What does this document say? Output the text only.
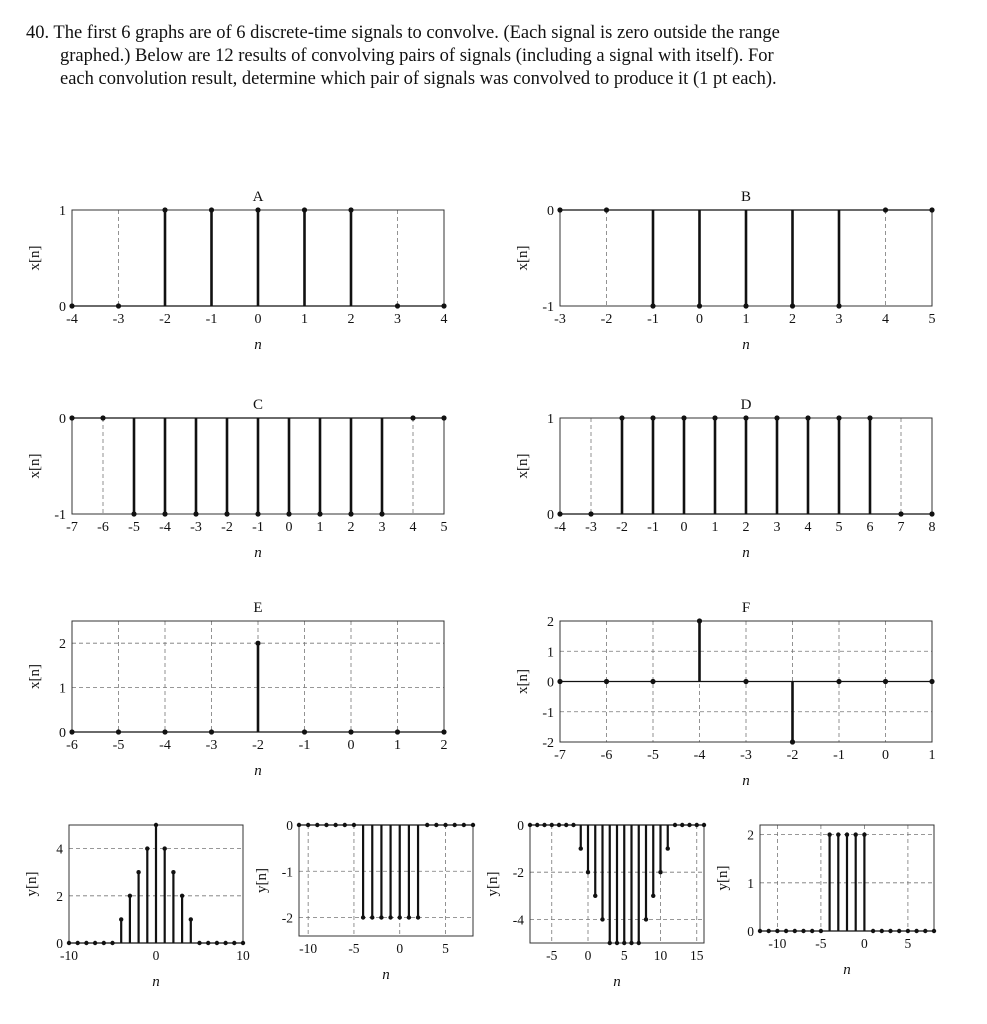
40. The first 6 graphs are of 6 discrete-time signals to convolve. (Each signal is zero outside the range graphed.) Below are 12 results of convolving pairs of signals (including a signal with itself). For each convolution result, determine which pair of signals was convolved to produce it (1 pt each).

-4 -3 -2 -1	0	1	2	3	4
0
1
A
n
x[n]
-3 -2 -1	0	1	2	3	4	5
-1
0
B
n
x[n]
-7 -6 -5 -4 -3 -2 -1 0 1 2 3 4 5
-1
0
C
n
x[n]
-4 -3 -2 -1 0 1 2 3 4 5 6 7 8
0
1
D
n
x[n]
-6 -5 -4 -3 -2 -1	0	1	2
0
1
2
E
n
x[n]
-7 -6 -5 -4 -3 -2 -1	0	1
-2
-1
0
1
2
F
n
x[n]
-10	0	10
0
2
4
n
y[n]
-10 -5	0	5
-2
-1
0
n
y[n]
-5 0 5 10 15
-4
-2
0
n
y[n]
-10 -5	0	5
0
1
2
n
y[n]
